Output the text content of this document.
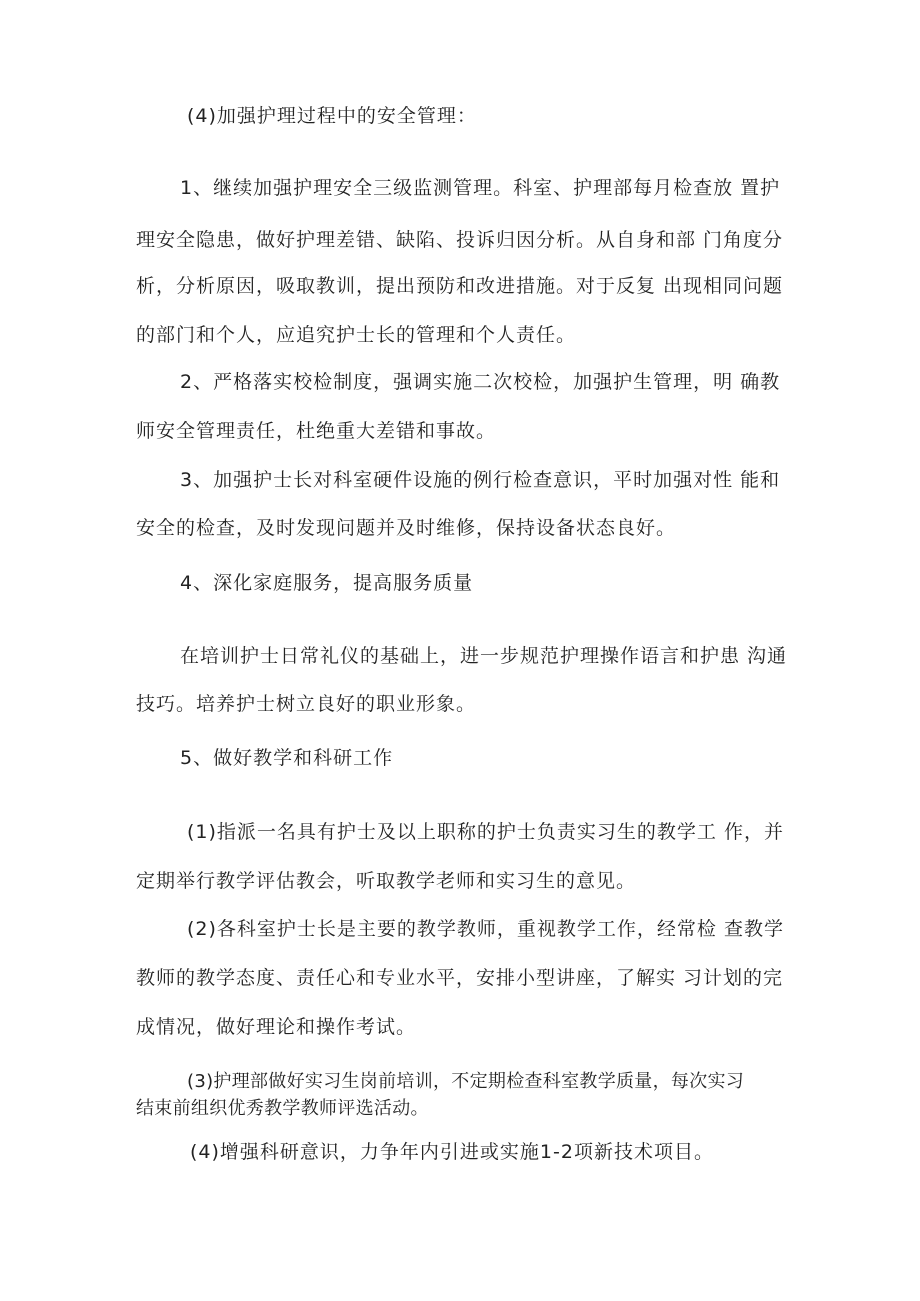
(4)加强护理过程中的安全管理：
1、继续加强护理安全三级监测管理。科室、护理部每月检查放 置护
理安全隐患，做好护理差错、缺陷、投诉归因分析。从自身和部 门角度分
析，分析原因，吸取教训，提出预防和改进措施。对于反复 出现相同问题
的部门和个人，应追究护士长的管理和个人责任。
2、严格落实校检制度，强调实施二次校检，加强护生管理，明 确教
师安全管理责任，杜绝重大差错和事故。
3、加强护士长对科室硬件设施的例行检查意识，平时加强对性 能和
安全的检查，及时发现问题并及时维修，保持设备状态良好。
4、深化家庭服务，提高服务质量
在培训护士日常礼仪的基础上，进一步规范护理操作语言和护患 沟通
技巧。培养护士树立良好的职业形象。
5、做好教学和科研工作
(1)指派一名具有护士及以上职称的护士负责实习生的教学工 作，并
定期举行教学评估教会，听取教学老师和实习生的意见。
(2)各科室护士长是主要的教学教师，重视教学工作，经常检 查教学
教师的教学态度、责任心和专业水平，安排小型讲座，了解实 习计划的完
成情况，做好理论和操作考试。
(3)护理部做好实习生岗前培训，不定期检查科室教学质量，每次实习
结束前组织优秀教学教师评选活动。
(4)增强科研意识，力争年内引进或实施1-2项新技术项目。
